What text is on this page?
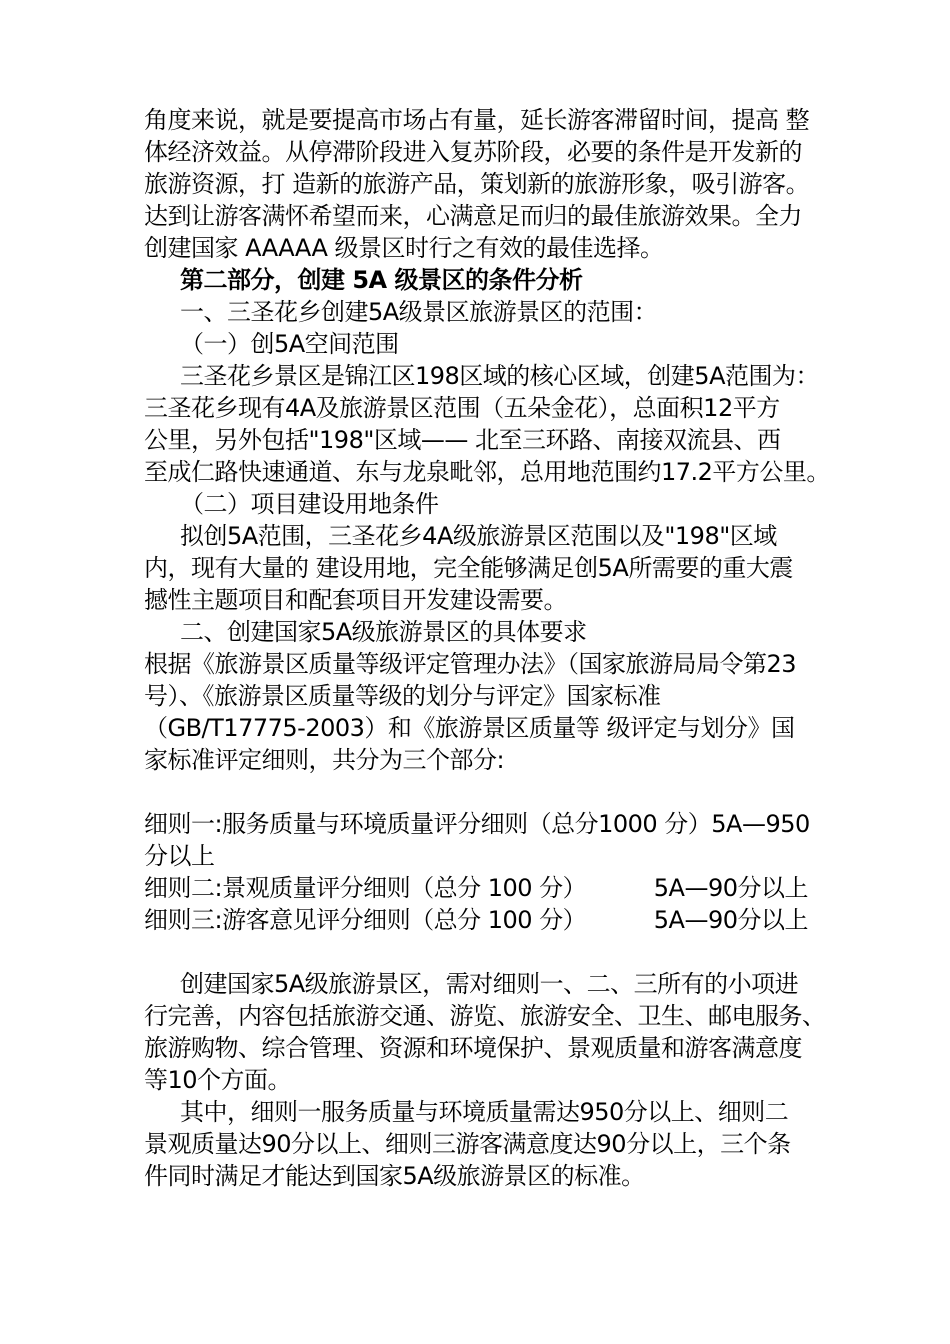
角度来说，就是要提高市场占有量，延长游客滞留时间，提高 整
体经济效益。从停滞阶段进入复苏阶段，必要的条件是开发新的
旅游资源，打 造新的旅游产品，策划新的旅游形象，吸引游客。
达到让游客满怀希望而来，心满意足而归的最佳旅游效果。全力
创建国家 AAAAA 级景区时行之有效的最佳选择。
第二部分，创建 5A 级景区的条件分析
一、三圣花乡创建5A级景区旅游景区的范围：
（一）创5A空间范围
三圣花乡景区是锦江区198区域的核心区域，创建5A范围为：
三圣花乡现有4A及旅游景区范围（五朵金花），总面积12平方
公里，另外包括"198"区域—— 北至三环路、南接双流县、西
至成仁路快速通道、东与龙泉毗邻，总用地范围约17.2平方公里。
（二）项目建设用地条件
拟创5A范围，三圣花乡4A级旅游景区范围以及"198"区域
内，现有大量的 建设用地，完全能够满足创5A所需要的重大震
撼性主题项目和配套项目开发建设需要。
二、创建国家5A级旅游景区的具体要求
根据《旅游景区质量等级评定管理办法》（国家旅游局局令第23
号）、《旅游景区质量等级的划分与评定》国家标准
（GB/T17775-2003）和《旅游景区质量等 级评定与划分》国
家标准评定细则，共分为三个部分:
细则一:服务质量与环境质量评分细则（总分1000 分）5A—950
分以上
细则二:景观质量评分细则（总分 100 分）	5A—90分以上
细则三:游客意见评分细则（总分 100 分）	5A—90分以上
创建国家5A级旅游景区，需对细则一、二、三所有的小项进
行完善，内容包括旅游交通、游览、旅游安全、卫生、邮电服务、
旅游购物、综合管理、资源和环境保护、景观质量和游客满意度
等10个方面。
其中，细则一服务质量与环境质量需达950分以上、细则二
景观质量达90分以上、细则三游客满意度达90分以上，三个条
件同时满足才能达到国家5A级旅游景区的标准。
